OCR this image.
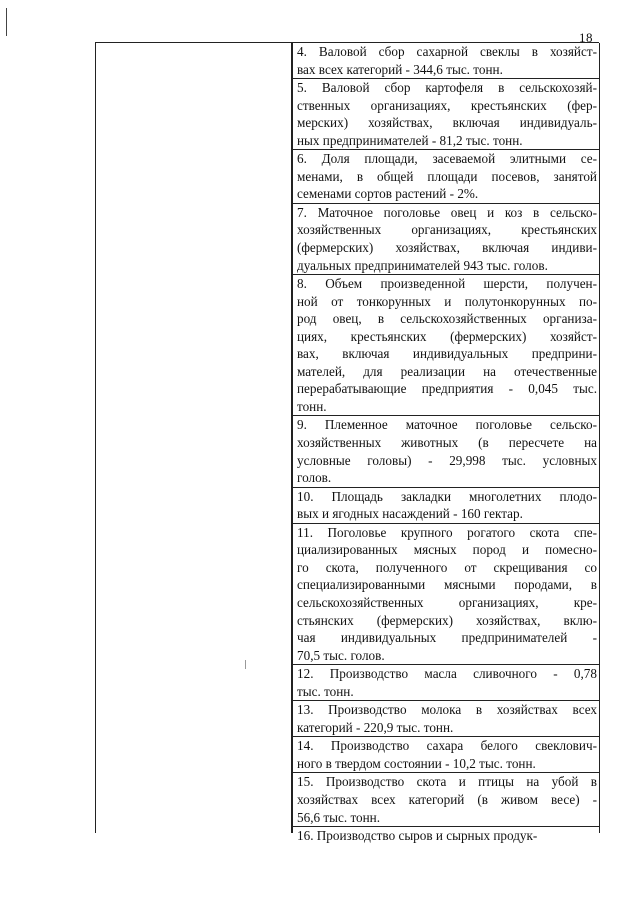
18
4. Валовой сбор сахарной свеклы в хозяйст-
вах всех категорий - 344,6 тыс. тонн.
5. Валовой сбор картофеля в сельскохозяй-
ственных организациях, крестьянских (фер-
мерских) хозяйствах, включая индивидуаль-
ных предпринимателей - 81,2 тыс. тонн.
6. Доля площади, засеваемой элитными се-
менами, в общей площади посевов, занятой
семенами сортов растений - 2%.
7. Маточное поголовье овец и коз в сельско-
хозяйственных организациях, крестьянских
(фермерских) хозяйствах, включая индиви-
дуальных предпринимателей 943 тыс. голов.
8. Объем произведенной шерсти, получен-
ной от тонкорунных и полутонкорунных по-
род овец, в сельскохозяйственных организа-
циях, крестьянских (фермерских) хозяйст-
вах, включая индивидуальных предприни-
мателей, для реализации на отечественные
перерабатывающие предприятия - 0,045 тыс.
тонн.
9. Племенное маточное поголовье сельско-
хозяйственных животных (в пересчете на
условные головы) - 29,998 тыс. условных
голов.
10. Площадь закладки многолетних плодо-
вых и ягодных насаждений - 160 гектар.
11. Поголовье крупного рогатого скота спе-
циализированных мясных пород и помесно-
го скота, полученного от скрещивания со
специализированными мясными породами, в
сельскохозяйственных организациях, кре-
стьянских (фермерских) хозяйствах, вклю-
чая индивидуальных предпринимателей -
70,5 тыс. голов.
12. Производство масла сливочного - 0,78
тыс. тонн.
13. Производство молока в хозяйствах всех
категорий - 220,9 тыс. тонн.
14. Производство сахара белого свеклович-
ного в твердом состоянии - 10,2 тыс. тонн.
15. Производство скота и птицы на убой в
хозяйствах всех категорий (в живом весе) -
56,6 тыс. тонн.
16. Производство сыров и сырных продук-
